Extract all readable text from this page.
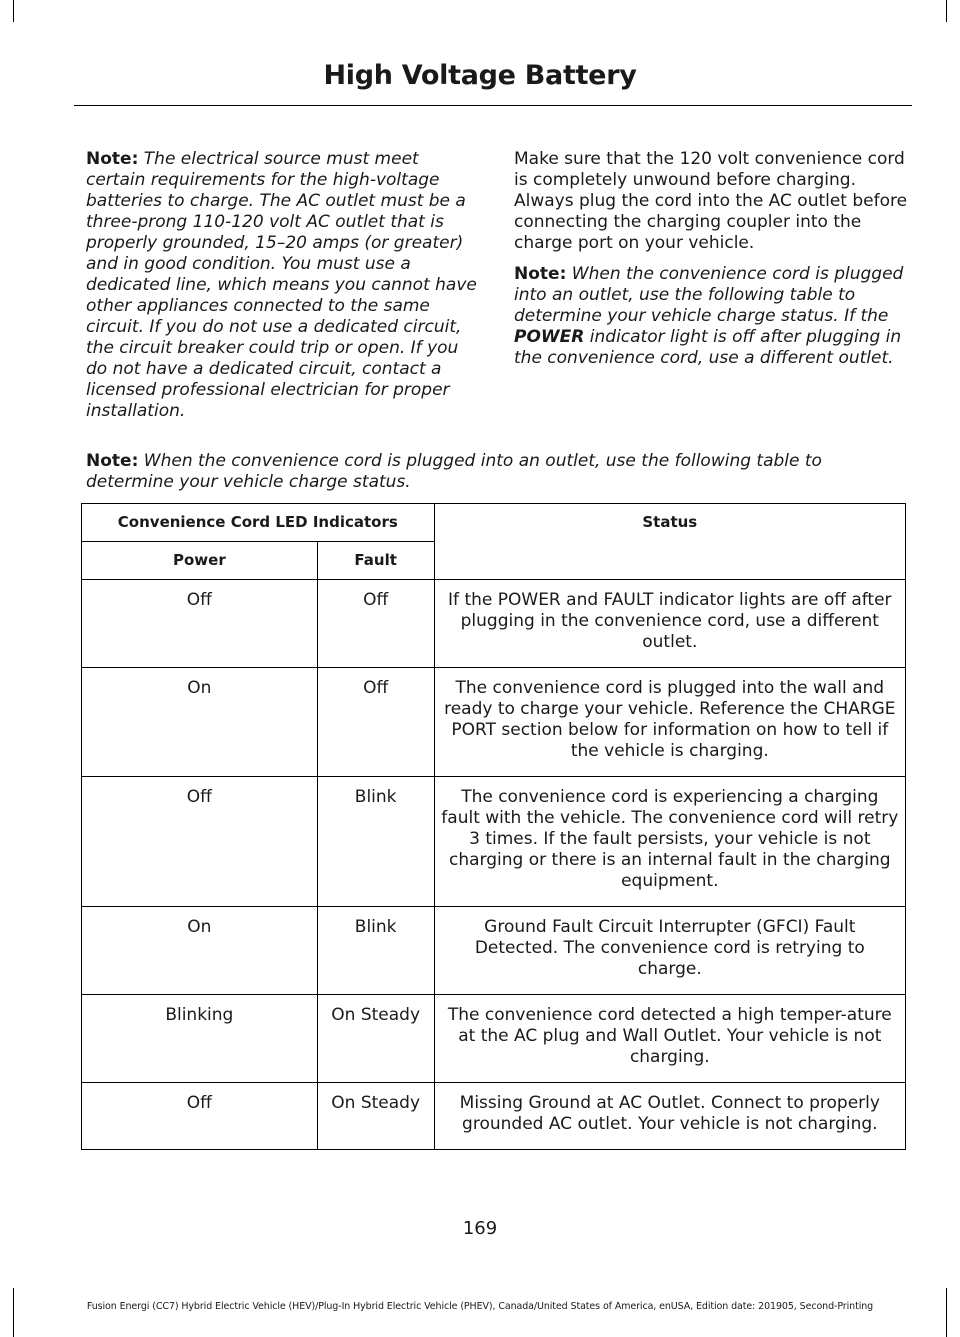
High Voltage Battery

Note: The electrical source must meet certain requirements for the high-voltage batteries to charge. The AC outlet must be a three-prong 110-120 volt AC outlet that is properly grounded, 15–20 amps (or greater) and in good condition. You must use a dedicated line, which means you cannot have other appliances connected to the same circuit. If you do not use a dedicated circuit, the circuit breaker could trip or open. If you do not have a dedicated circuit, contact a licensed professional electrician for proper installation.

Make sure that the 120 volt convenience cord is completely unwound before charging. Always plug the cord into the AC outlet before connecting the charging coupler into the charge port on your vehicle.

Note: When the convenience cord is plugged into an outlet, use the following table to determine your vehicle charge status. If the POWER indicator light is off after plugging in the convenience cord, use a different outlet.

Note: When the convenience cord is plugged into an outlet, use the following table to determine your vehicle charge status.
Convenience Cord LED Indicators		Status
Power	Fault	
Off	Off	If the POWER and FAULT indicator lights are off after plugging in the convenience cord, use a different outlet.
On	Off	The convenience cord is plugged into the wall and ready to charge your vehicle. Reference the CHARGE PORT section below for information on how to tell if the vehicle is charging.
Off	Blink	The convenience cord is experiencing a charging fault with the vehicle. The convenience cord will retry 3 times. If the fault persists, your vehicle is not charging or there is an internal fault in the charging equipment.
On	Blink	Ground Fault Circuit Interrupter (GFCI) Fault Detected. The convenience cord is retrying to charge.
Blinking	On Steady	The convenience cord detected a high temper-ature at the AC plug and Wall Outlet. Your vehicle is not charging.
Off	On Steady	Missing Ground at AC Outlet. Connect to properly grounded AC outlet. Your vehicle is not charging.
169
Fusion Energi (CC7) Hybrid Electric Vehicle (HEV)/Plug-In Hybrid Electric Vehicle (PHEV), Canada/United States of America, enUSA, Edition date: 201905, Second-Printing
